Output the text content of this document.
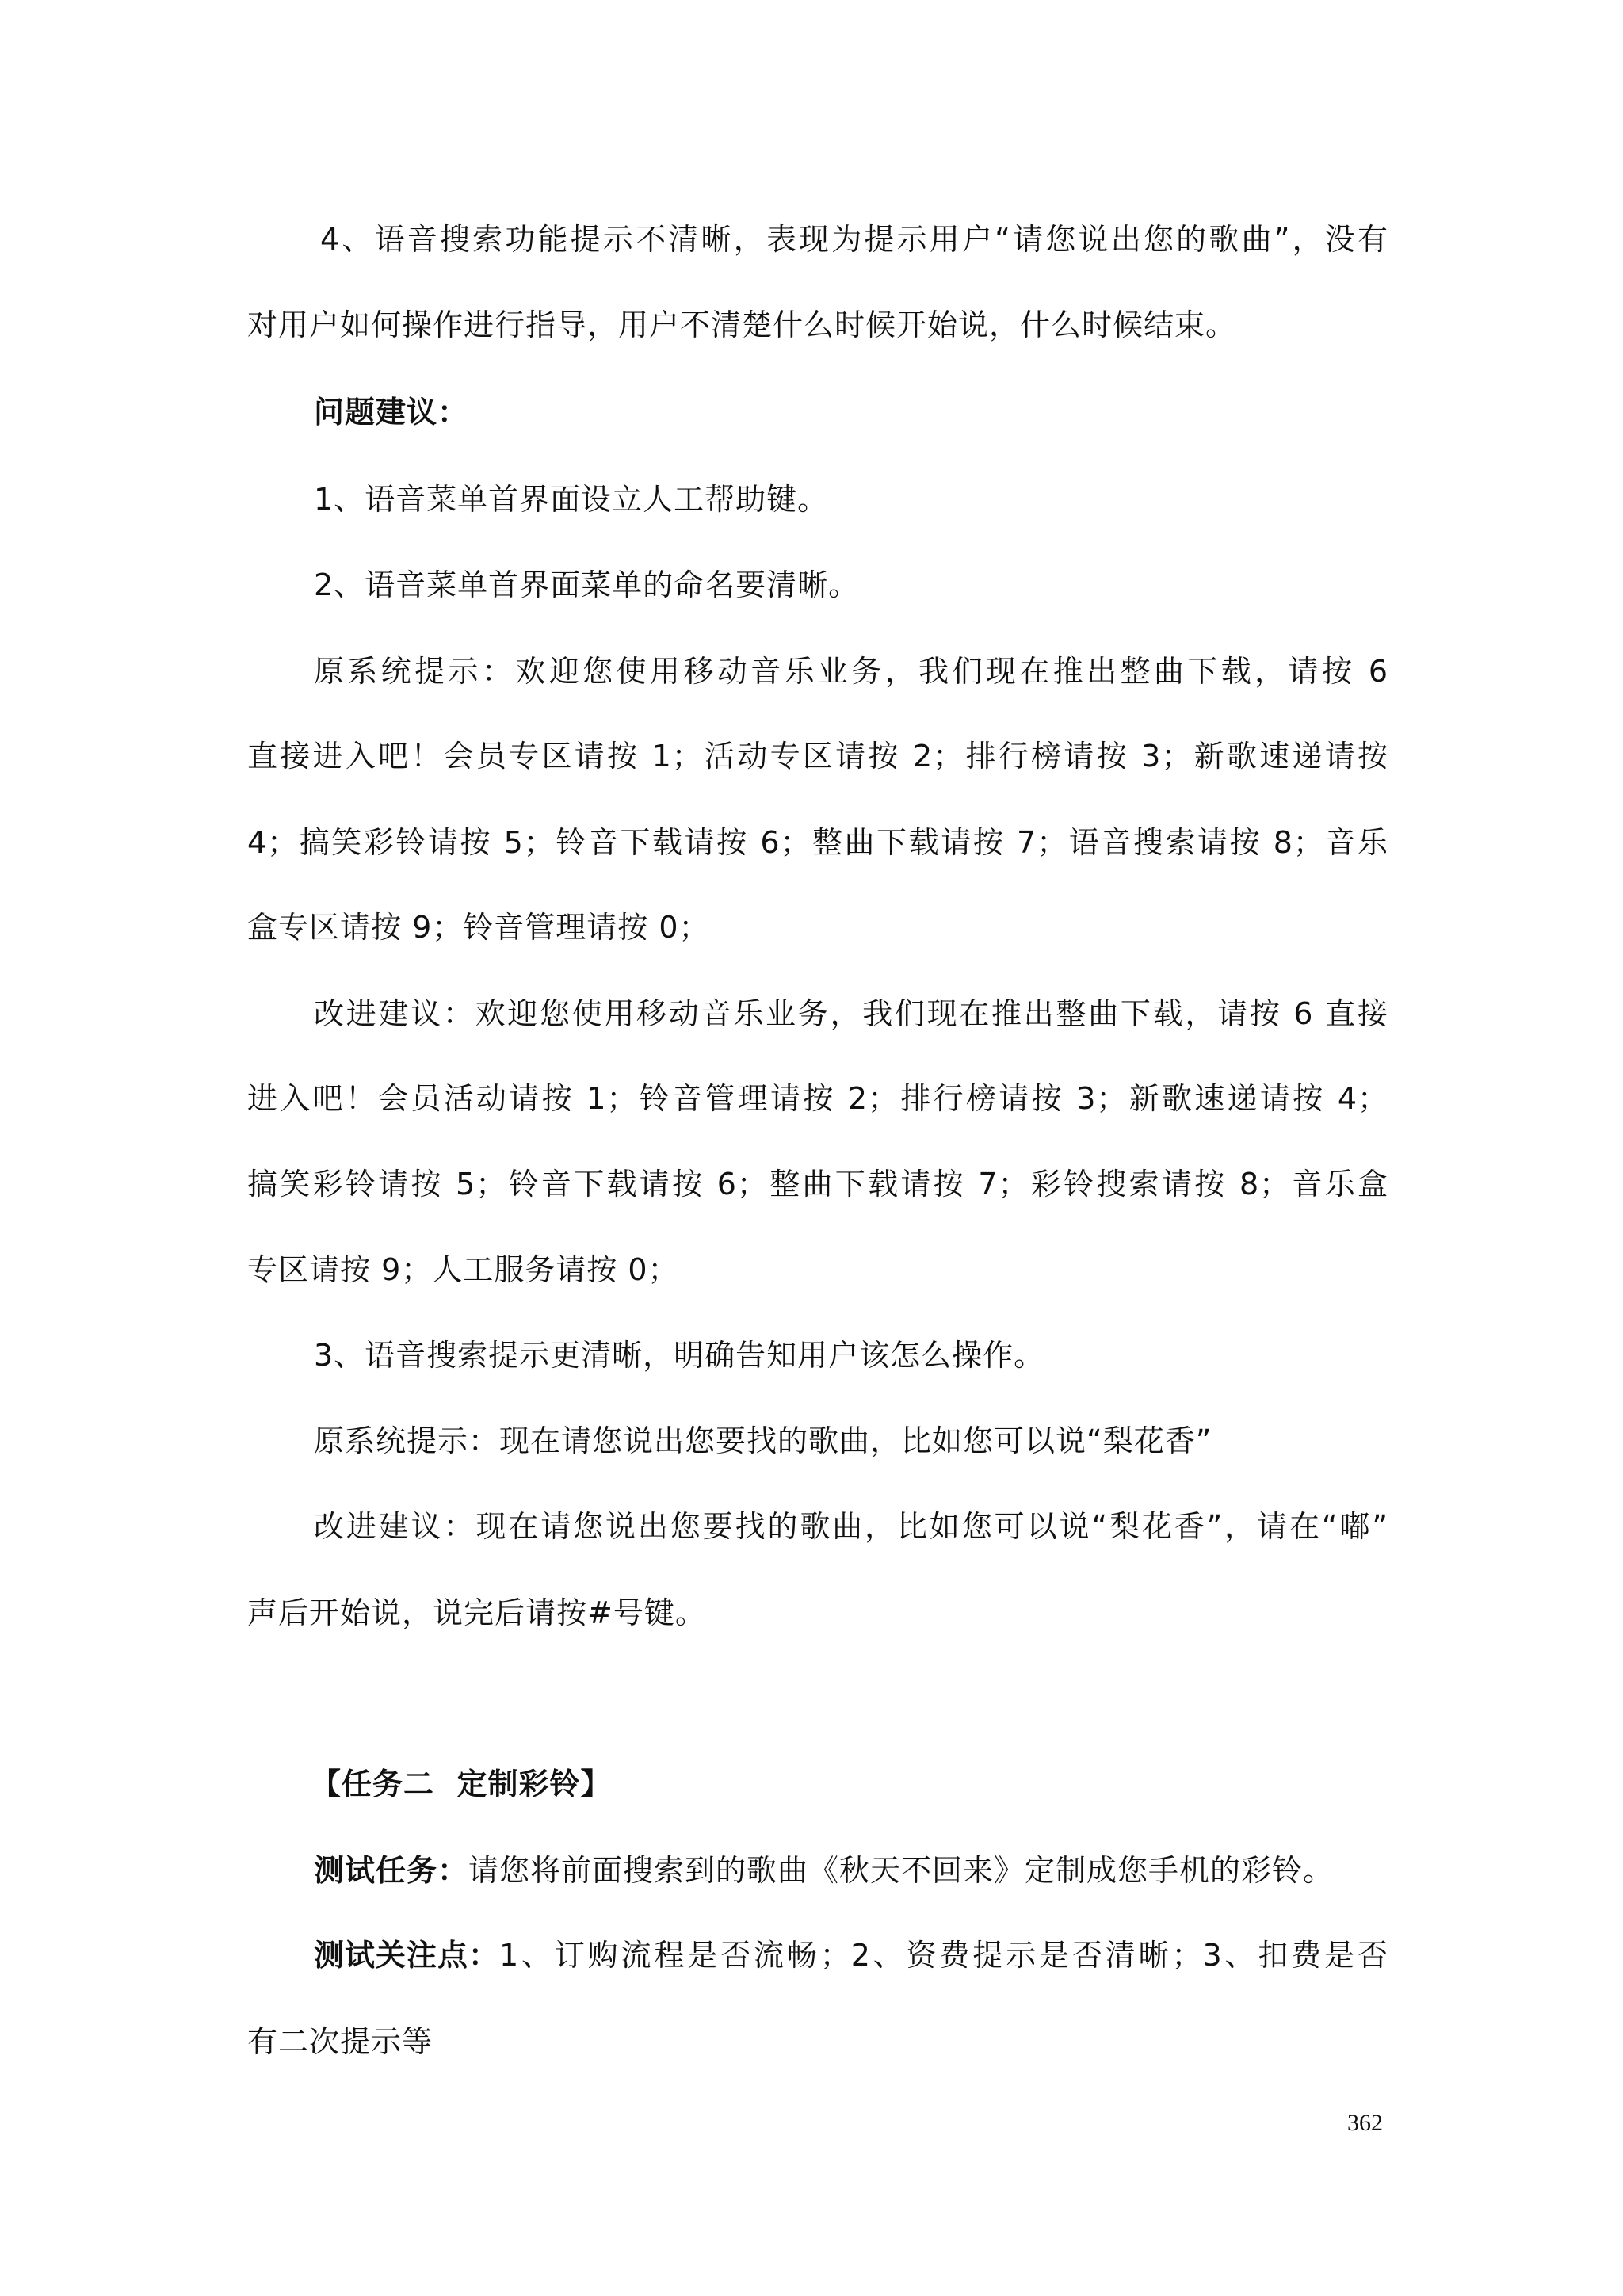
4、语音搜索功能提示不清晰，表现为提示用户“请您说出您的歌曲”，没有
对用户如何操作进行指导，用户不清楚什么时候开始说，什么时候结束。
问题建议：
1、语音菜单首界面设立人工帮助键。
2、语音菜单首界面菜单的命名要清晰。
原系统提示：欢迎您使用移动音乐业务，我们现在推出整曲下载，请按 6
直接进入吧！会员专区请按 1；活动专区请按 2；排行榜请按 3；新歌速递请按
4；搞笑彩铃请按 5；铃音下载请按 6；整曲下载请按 7；语音搜索请按 8；音乐
盒专区请按 9；铃音管理请按 0；
改进建议：欢迎您使用移动音乐业务，我们现在推出整曲下载，请按 6 直接
进入吧！会员活动请按 1；铃音管理请按 2；排行榜请按 3；新歌速递请按 4；
搞笑彩铃请按 5；铃音下载请按 6；整曲下载请按 7；彩铃搜索请按 8；音乐盒
专区请按 9；人工服务请按 0；
3、语音搜索提示更清晰，明确告知用户该怎么操作。
原系统提示：现在请您说出您要找的歌曲，比如您可以说“梨花香”
改进建议：现在请您说出您要找的歌曲，比如您可以说“梨花香”，请在“嘟”
声后开始说，说完后请按#号键。
【任务二  定制彩铃】
测试任务：请您将前面搜索到的歌曲《秋天不回来》定制成您手机的彩铃。
测试关注点： 1、订购流程是否流畅；2、资费提示是否清晰；3、扣费是否
有二次提示等
362
